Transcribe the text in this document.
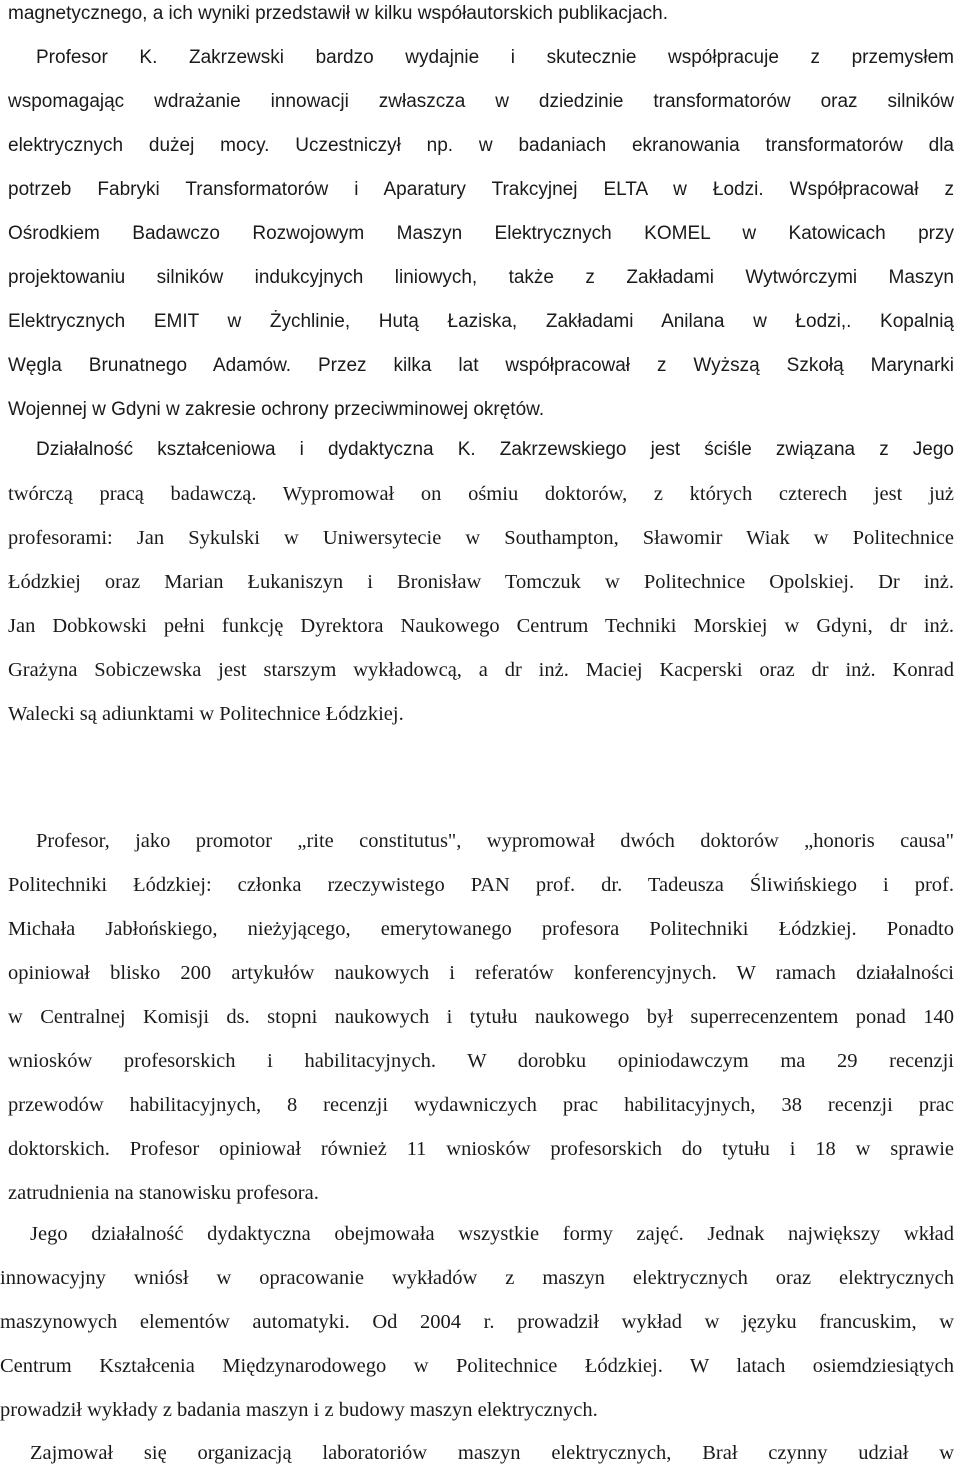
magnetycznego, a ich wyniki przedstawił w kilku współautorskich publikacjach.
Profesor K. Zakrzewski bardzo wydajnie i skutecznie współpracuje z przemysłem
wspomagając wdrażanie innowacji zwłaszcza w dziedzinie transformatorów oraz silników
elektrycznych dużej mocy. Uczestniczył np. w badaniach ekranowania transformatorów dla
potrzeb Fabryki Transformatorów i Aparatury Trakcyjnej ELTA w Łodzi. Współpracował z
Ośrodkiem Badawczo Rozwojowym Maszyn Elektrycznych KOMEL w Katowicach przy
projektowaniu silników indukcyjnych liniowych, także z Zakładami Wytwórczymi Maszyn
Elektrycznych EMIT w Żychlinie, Hutą Łaziska, Zakładami Anilana w Łodzi,. Kopalnią
Węgla Brunatnego Adamów. Przez kilka lat współpracował z Wyższą Szkołą Marynarki
Wojennej w Gdyni w zakresie ochrony przeciwminowej okrętów.
Działalność kształceniowa i dydaktyczna K. Zakrzewskiego jest ściśle związana z Jego
twórczą pracą badawczą. Wypromował on ośmiu doktorów, z których czterech jest już
profesorami: Jan Sykulski w Uniwersytecie w Southampton, Sławomir Wiak w Politechnice
Łódzkiej oraz Marian Łukaniszyn i Bronisław Tomczuk w Politechnice Opolskiej. Dr inż.
Jan Dobkowski pełni funkcję Dyrektora Naukowego Centrum Techniki Morskiej w Gdyni, dr inż.
Grażyna Sobiczewska jest starszym wykładowcą, a dr inż. Maciej Kacperski oraz dr inż. Konrad
Walecki są adiunktami w Politechnice Łódzkiej.
Profesor, jako promotor „rite constitutus", wypromował dwóch doktorów „honoris causa"
Politechniki Łódzkiej: członka rzeczywistego PAN prof. dr. Tadeusza Śliwińskiego i prof.
Michała Jabłońskiego, nieżyjącego, emerytowanego profesora Politechniki Łódzkiej. Ponadto
opiniował blisko 200 artykułów naukowych i referatów konferencyjnych. W ramach działalności
w Centralnej Komisji ds. stopni naukowych i tytułu naukowego był superrecenzentem ponad 140
wniosków profesorskich i habilitacyjnych. W dorobku opiniodawczym ma 29 recenzji
przewodów habilitacyjnych, 8 recenzji wydawniczych prac habilitacyjnych, 38 recenzji prac
doktorskich. Profesor opiniował również 11 wniosków profesorskich do tytułu i 18 w sprawie
zatrudnienia na stanowisku profesora.
Jego działalność dydaktyczna obejmowała wszystkie formy zajęć. Jednak największy wkład
innowacyjny wniósł w opracowanie wykładów z maszyn elektrycznych oraz elektrycznych
maszynowych elementów automatyki. Od 2004 r. prowadził wykład w języku francuskim, w
Centrum Kształcenia Międzynarodowego w Politechnice Łódzkiej. W latach osiemdziesiątych
prowadził wykłady z badania maszyn i z budowy maszyn elektrycznych.
Zajmował się organizacją laboratoriów maszyn elektrycznych, Brał czynny udział w
